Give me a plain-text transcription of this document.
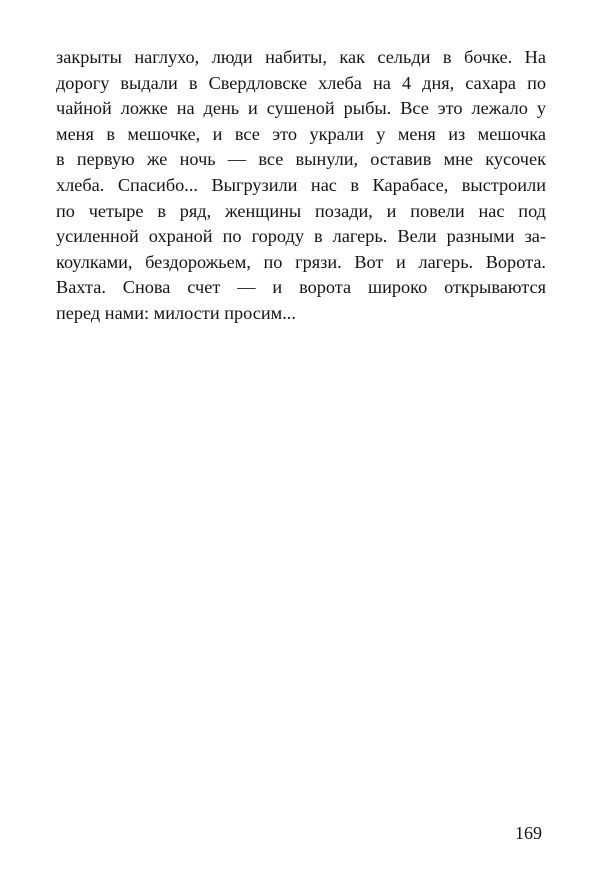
закрыты наглухо, люди набиты, как сельди в бочке. На
дорогу выдали в Свердловске хлеба на 4 дня, сахара по
чайной ложке на день и сушеной рыбы. Все это лежало у
меня в мешочке, и все это украли у меня из мешочка
в первую же ночь — все вынули, оставив мне кусочек
хлеба. Спасибо... Выгрузили нас в Карабасе, выстроили
по четыре в ряд, женщины позади, и повели нас под
усиленной охраной по городу в лагерь. Вели разными за-
коулками, бездорожьем, по грязи. Вот и лагерь. Ворота.
Вахта. Снова счет — и ворота широко открываются
перед нами: милости просим...
169
